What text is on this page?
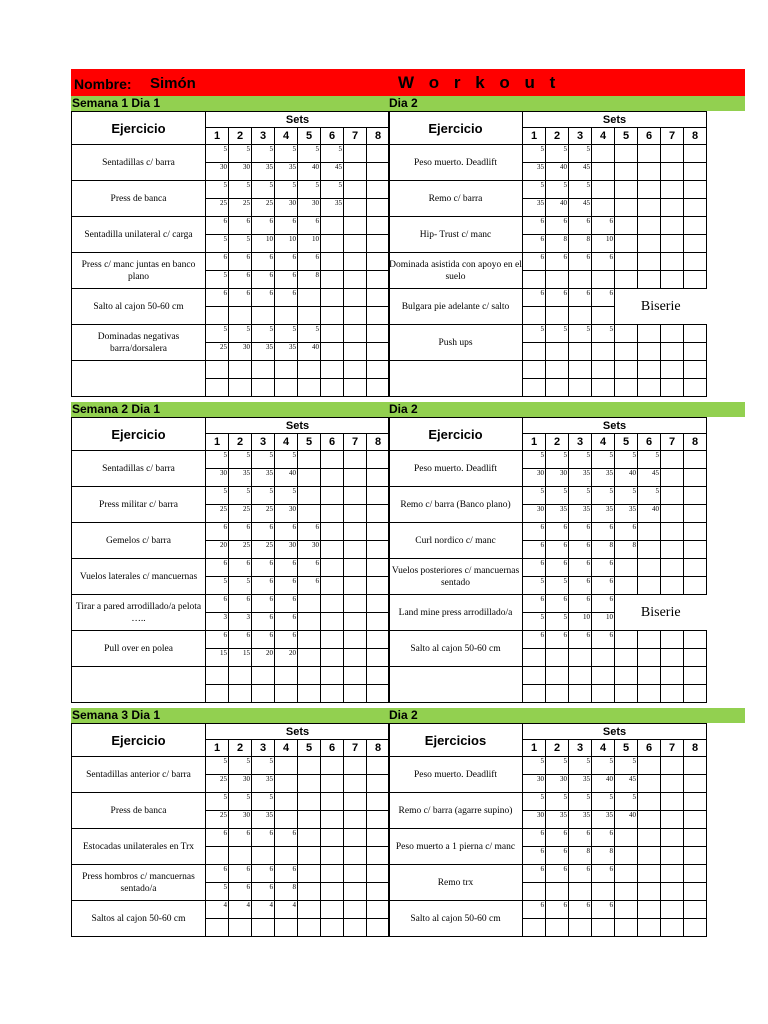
Nombre: Simón	W o r k o u t
Semana 1 Dia 1
Ejercicio	Sets							
	1	2	3	4	5	6	7	8
Sentadillas c/ barra	5	5	5	5	5	5		
	30	30	35	35	40	45		
Press de banca	5	5	5	5	5	5		
	25	25	25	30	30	35		
Sentadilla unilateral c/ carga	6	6	6	6	6			
	5	5	10	10	10			
Press c/ manc juntas en banco plano	6	6	6	6	6			
	5	6	6	6	8			
Salto al cajon 50-60 cm	6	6	6	6				

Dominadas negativas barra/dorsalera	5	5	5	5	5			
	25	30	35	35	40			

Dia 2
Ejercicio	Sets							
	1	2	3	4	5	6	7	8
Peso muerto. Deadlift	5	5	5					
	35	40	45					
Remo c/ barra	5	5	5					
	35	40	45					
Hip- Trust c/ manc	6	6	6	6				
	6	8	8	10				
Dominada asistida con apoyo en el suelo	6	6	6	6				

Bulgara pie adelante c/ salto	6	6	6	6	Biserie			

Push ups	5	5	5	5				

Semana 2 Dia 1
Ejercicio	Sets							
	1	2	3	4	5	6	7	8
Sentadillas c/ barra	5	5	5	5				
	30	35	35	40				
Press militar c/ barra	5	5	5	5				
	25	25	25	30				
Gemelos c/ barra	6	6	6	6	6			
	20	25	25	30	30			
Vuelos laterales c/ mancuernas	6	6	6	6	6			
	5	5	6	6	6			
Tirar a pared arrodillado/a pelota …..	6	6	6	6				
	3	3	6	6				
Pull over en polea	6	6	6	6				
	15	15	20	20				

Dia 2
Ejercicio	Sets							
	1	2	3	4	5	6	7	8
Peso muerto. Deadlift	5	5	5	5	5	5		
	30	30	35	35	40	45		
Remo c/ barra (Banco plano)	5	5	5	5	5	5		
	30	35	35	35	35	40		
Curl nordico c/ manc	6	6	6	6	6			
	6	6	6	8	8			
Vuelos posteriores c/ mancuernas sentado	6	6	6	6				
	5	5	6	6				
Land mine press arrodillado/a	6	6	6	6	Biserie			
	5	5	10	10				
Salto al cajon 50-60 cm	6	6	6	6				

Semana 3 Dia 1
Ejercicio	Sets							
	1	2	3	4	5	6	7	8
Sentadillas anterior c/ barra	5	5	5					
	25	30	35					
Press de banca	5	5	5					
	25	30	35					
Estocadas unilaterales en Trx	6	6	6	6				

Press hombros c/ mancuernas sentado/a	6	6	6	6				
	5	6	6	8				
Saltos al cajon 50-60 cm	4	4	4	4				

Dia 2
Ejercicios	Sets							
	1	2	3	4	5	6	7	8
Peso muerto. Deadlift	5	5	5	5	5			
	30	30	35	40	45			
Remo c/ barra (agarre supino)	5	5	5	5	5			
	30	35	35	35	40			
Peso muerto a 1 pierna c/ manc	6	6	6	6				
	6	6	8	8				
Remo trx	6	6	6	6				

Salto al cajon 50-60 cm	6	6	6	6				
